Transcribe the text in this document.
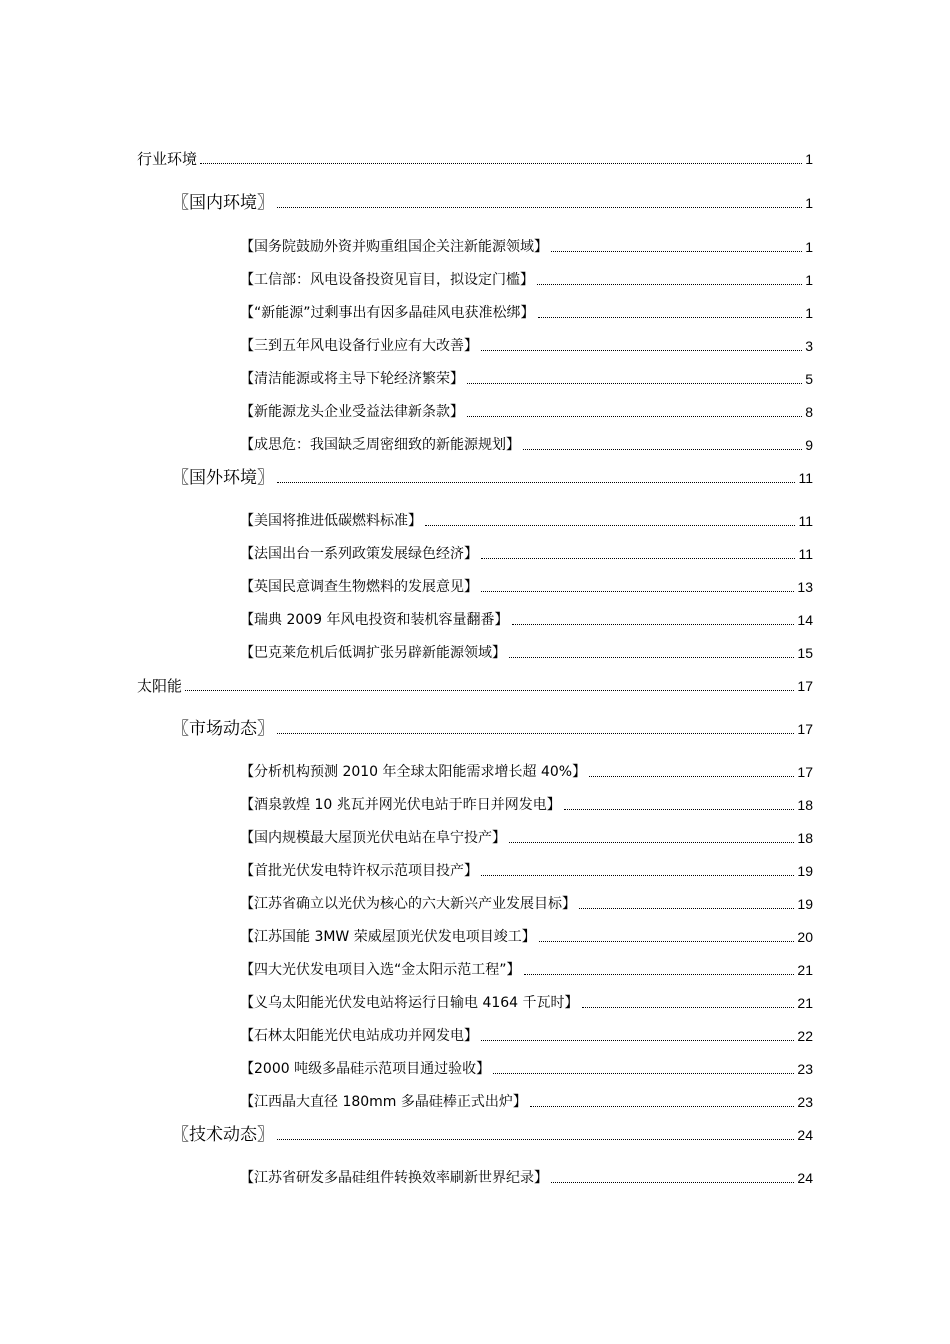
行业环境	1
〖国内环境〗	1
【国务院鼓励外资并购重组国企关注新能源领域】	1
【工信部：风电设备投资见盲目，拟设定门槛】	1
【“新能源”过剩事出有因多晶硅风电获准松绑】	1
【三到五年风电设备行业应有大改善】	3
【清洁能源或将主导下轮经济繁荣】	5
【新能源龙头企业受益法律新条款】	8
【成思危：我国缺乏周密细致的新能源规划】	9
〖国外环境〗	11
【美国将推进低碳燃料标准】	11
【法国出台一系列政策发展绿色经济】	11
【英国民意调查生物燃料的发展意见】	13
【瑞典 2009 年风电投资和装机容量翻番】	14
【巴克莱危机后低调扩张另辟新能源领域】	15
太阳能	17
〖市场动态〗	17
【分析机构预测 2010 年全球太阳能需求增长超 40%】	17
【酒泉敦煌 10 兆瓦并网光伏电站于昨日并网发电】	18
【国内规模最大屋顶光伏电站在阜宁投产】	18
【首批光伏发电特许权示范项目投产】	19
【江苏省确立以光伏为核心的六大新兴产业发展目标】	19
【江苏国能 3MW 荣威屋顶光伏发电项目竣工】	20
【四大光伏发电项目入选“金太阳示范工程”】	21
【义乌太阳能光伏发电站将运行日输电 4164 千瓦时】	21
【石林太阳能光伏电站成功并网发电】	22
【2000 吨级多晶硅示范项目通过验收】	23
【江西晶大直径 180mm 多晶硅棒正式出炉】	23
〖技术动态〗	24
【江苏省研发多晶硅组件转换效率刷新世界纪录】	24
